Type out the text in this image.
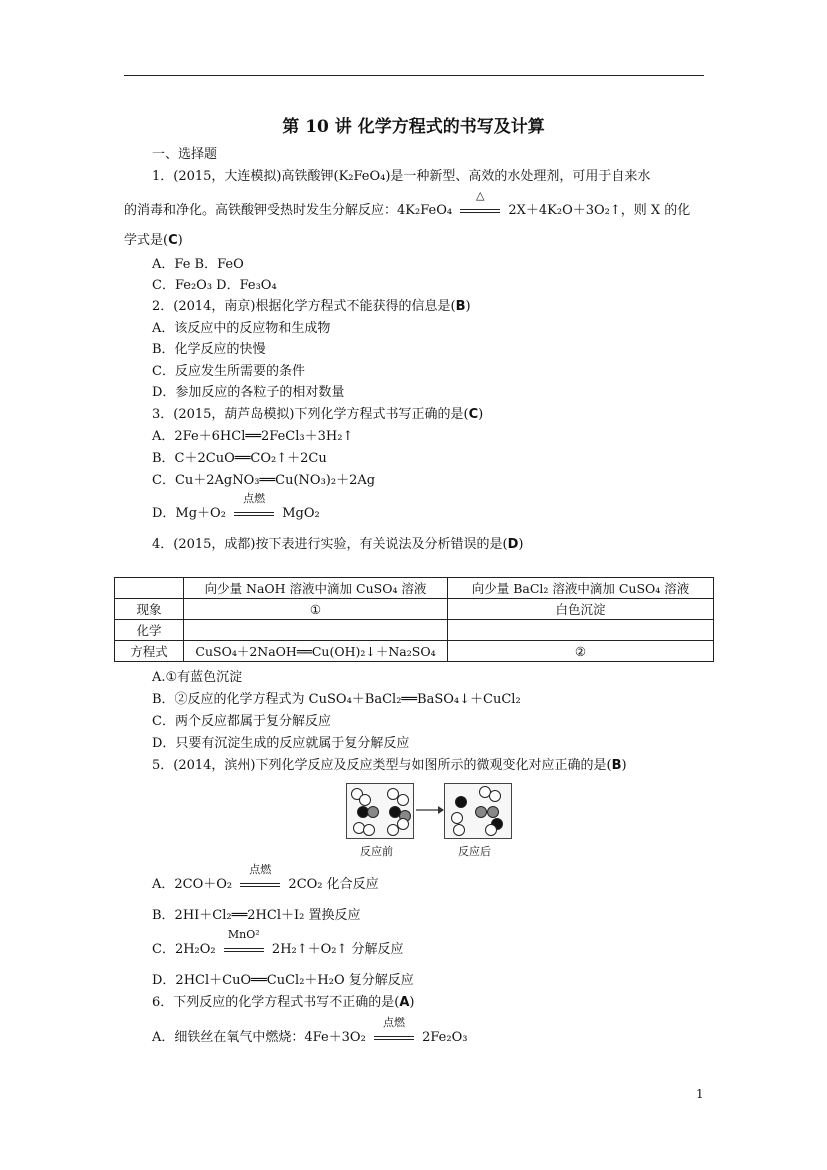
第 10 讲 化学方程式的书写及计算
一、选择题
1．(2015，大连模拟)高铁酸钾(K₂FeO₄)是一种新型、高效的水处理剂，可用于自来水
的消毒和净化。高铁酸钾受热时发生分解反应：4K₂FeO₄
△
2X＋4K₂O＋3O₂↑，则 X 的化
学式是(C)
A．Fe B．FeO
C．Fe₂O₃ D．Fe₃O₄
2．(2014，南京)根据化学方程式不能获得的信息是(B)
A．该反应中的反应物和生成物
B．化学反应的快慢
C．反应发生所需要的条件
D．参加反应的各粒子的相对数量
3．(2015，葫芦岛模拟)下列化学方程式书写正确的是(C)
A．2Fe＋6HCl══2FeCl₃＋3H₂↑
B．C＋2CuO══CO₂↑＋2Cu
C．Cu＋2AgNO₃══Cu(NO₃)₂＋2Ag
D．Mg＋O₂
点燃
MgO₂
4．(2015，成都)按下表进行实验，有关说法及分析错误的是(D)
	向少量 NaOH 溶液中滴加 CuSO₄ 溶液	向少量 BaCl₂ 溶液中滴加 CuSO₄ 溶液
现象	①	白色沉淀
化学		
方程式	CuSO₄＋2NaOH══Cu(OH)₂↓＋Na₂SO₄	②
A.①有蓝色沉淀
B．②反应的化学方程式为 CuSO₄＋BaCl₂══BaSO₄↓＋CuCl₂
C．两个反应都属于复分解反应
D．只要有沉淀生成的反应就属于复分解反应
5．(2014，滨州)下列化学反应及反应类型与如图所示的微观变化对应正确的是(B)
反应前	反应后
A．2CO＋O₂
点燃
2CO₂ 化合反应
B．2HI＋Cl₂══2HCl＋I₂ 置换反应
C．2H₂O₂
MnO²
2H₂↑＋O₂↑ 分解反应
D．2HCl＋CuO══CuCl₂＋H₂O 复分解反应
6．下列反应的化学方程式书写不正确的是(A)
A．细铁丝在氧气中燃烧：4Fe＋3O₂
点燃
2Fe₂O₃
1
